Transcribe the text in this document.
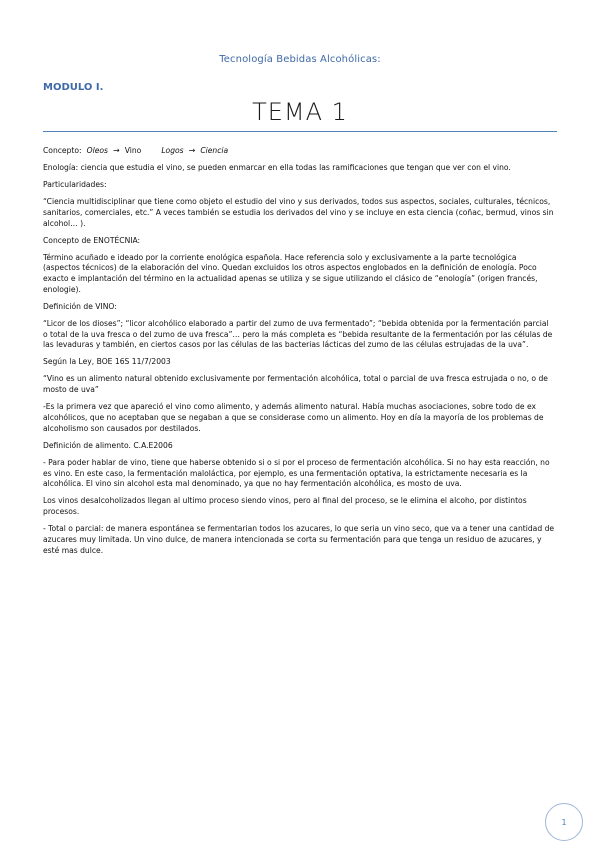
Tecnología Bebidas Alcohólicas:
MODULO I.
TEMA 1

Concepto: Oleos → Vino	Logos → Ciencia

Enología: ciencia que estudia el vino, se pueden enmarcar en ella todas las ramificaciones que tengan que ver con el vino.

Particularidades:

“Ciencia multidisciplinar que tiene como objeto el estudio del vino y sus derivados, todos sus aspectos, sociales, culturales, técnicos, sanitarios, comerciales, etc.” A veces también se estudia los derivados del vino y se incluye en esta ciencia (coñac, bermud, vinos sin alcohol… ).

Concepto de ENOTÉCNIA:

Término acuñado e ideado por la corriente enológica española. Hace referencia solo y exclusivamente a la parte tecnológica (aspectos técnicos) de la elaboración del vino. Quedan excluidos los otros aspectos englobados en la definición de enología. Poco exacto e implantación del término en la actualidad apenas se utiliza y se sigue utilizando el clásico de “enología” (origen francés, enologie).

Definición de VINO:

“Licor de los dioses”; “licor alcohólico elaborado a partir del zumo de uva fermentado”; “bebida obtenida por la fermentación parcial o total de la uva fresca o del zumo de uva fresca”… pero la más completa es “bebida resultante de la fermentación por las células de las levaduras y también, en ciertos casos por las células de las bacterias lácticas del zumo de las células estrujadas de la uva”.

Según la Ley, BOE 16S 11/7/2003

“Vino es un alimento natural obtenido exclusivamente por fermentación alcohólica, total o parcial de uva fresca estrujada o no, o de mosto de uva”

-Es la primera vez que apareció el vino como alimento, y además alimento natural. Había muchas asociaciones, sobre todo de ex alcohólicos, que no aceptaban que se negaban a que se considerase como un alimento. Hoy en día la mayoría de los problemas de alcoholismo son causados por destilados.

Definición de alimento. C.A.E2006

- Para poder hablar de vino, tiene que haberse obtenido si o si por el proceso de fermentación alcohólica. Si no hay esta reacción, no es vino. En este caso, la fermentación maloláctica, por ejemplo, es una fermentación optativa, la estrictamente necesaria es la alcohólica. El vino sin alcohol esta mal denominado, ya que no hay fermentación alcohólica, es mosto de uva.

Los vinos desalcoholizados llegan al ultimo proceso siendo vinos, pero al final del proceso, se le elimina el alcoho, por distintos procesos.

- Total o parcial: de manera espontánea se fermentarian todos los azucares, lo que seria un vino seco, que va a tener una cantidad de azucares muy limitada. Un vino dulce, de manera intencionada se corta su fermentación para que tenga un residuo de azucares, y esté mas dulce.

1
